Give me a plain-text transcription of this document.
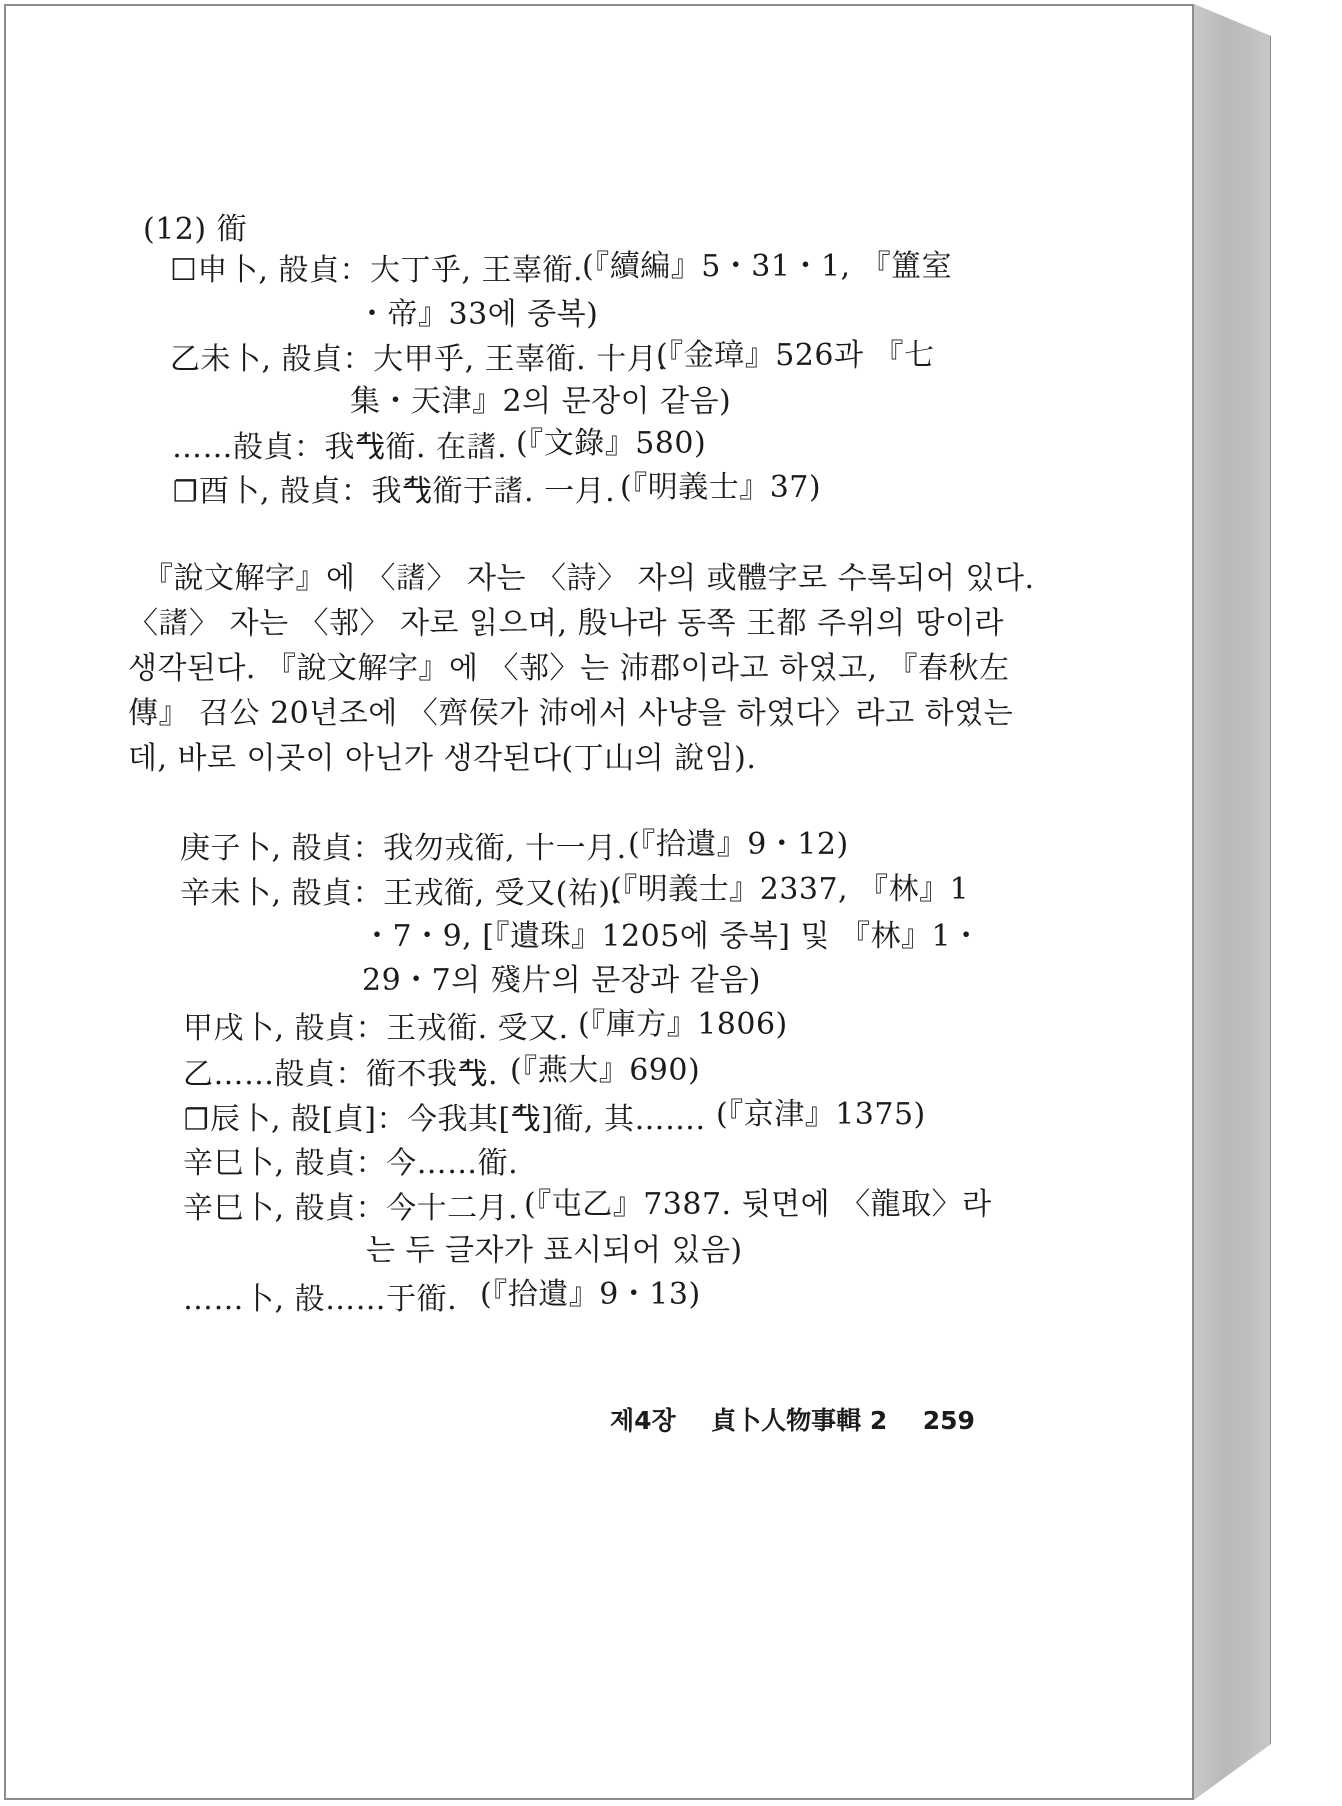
(12) 衜
☐申卜, 㱿貞：大丁乎, 王辜衜.
(『續編』5・31・1, 『簠室
・帝』33에 중복)
乙未卜, 㱿貞：大甲乎, 王辜衜. 十月.
(『金璋』526과 『七
集・天津』2의 문장이 같음)
……㱿貞：我𢦔衜. 在𧪡. (『文錄』580)
☐酉卜, 㱿貞：我𢦔衜于𧪡. 一月. (『明義士』37)
『說文解字』에 〈𧪡〉 자는 〈詩〉 자의 或體字로 수록되어 있다.
〈𧪡〉 자는 〈邿〉 자로 읽으며, 殷나라 동쪽 王都 주위의 땅이라
생각된다. 『說文解字』에 〈邿〉는 沛郡이라고 하였고, 『春秋左
傳』 召公 20년조에 〈齊侯가 沛에서 사냥을 하였다〉라고 하였는
데, 바로 이곳이 아닌가 생각된다(丁山의 說임).
庚子卜, 㱿貞：我勿戎衜, 十一月. (『拾遺』9・12)
辛未卜, 㱿貞：王戎衜, 受又(祐).
(『明義士』2337, 『林』1
・7・9, [『遺珠』1205에 중복] 및 『林』1・
29・7의 殘片의 문장과 같음)
甲戌卜, 㱿貞：王戎衜. 受又. (『庫方』1806)
乙……㱿貞：衜不我𢦔. (『燕大』690)
☐辰卜, 㱿[貞]：今我其[𢦔]衜, 其……. (『京津』1375)
辛巳卜, 㱿貞：今……衜.
辛巳卜, 㱿貞：今十二月. (『屯乙』7387. 뒷면에 〈龍取〉라
는 두 글자가 표시되어 있음)
……卜, 㱿……于衜. (『拾遺』9・13)
제4장 貞卜人物事輯 2 259
